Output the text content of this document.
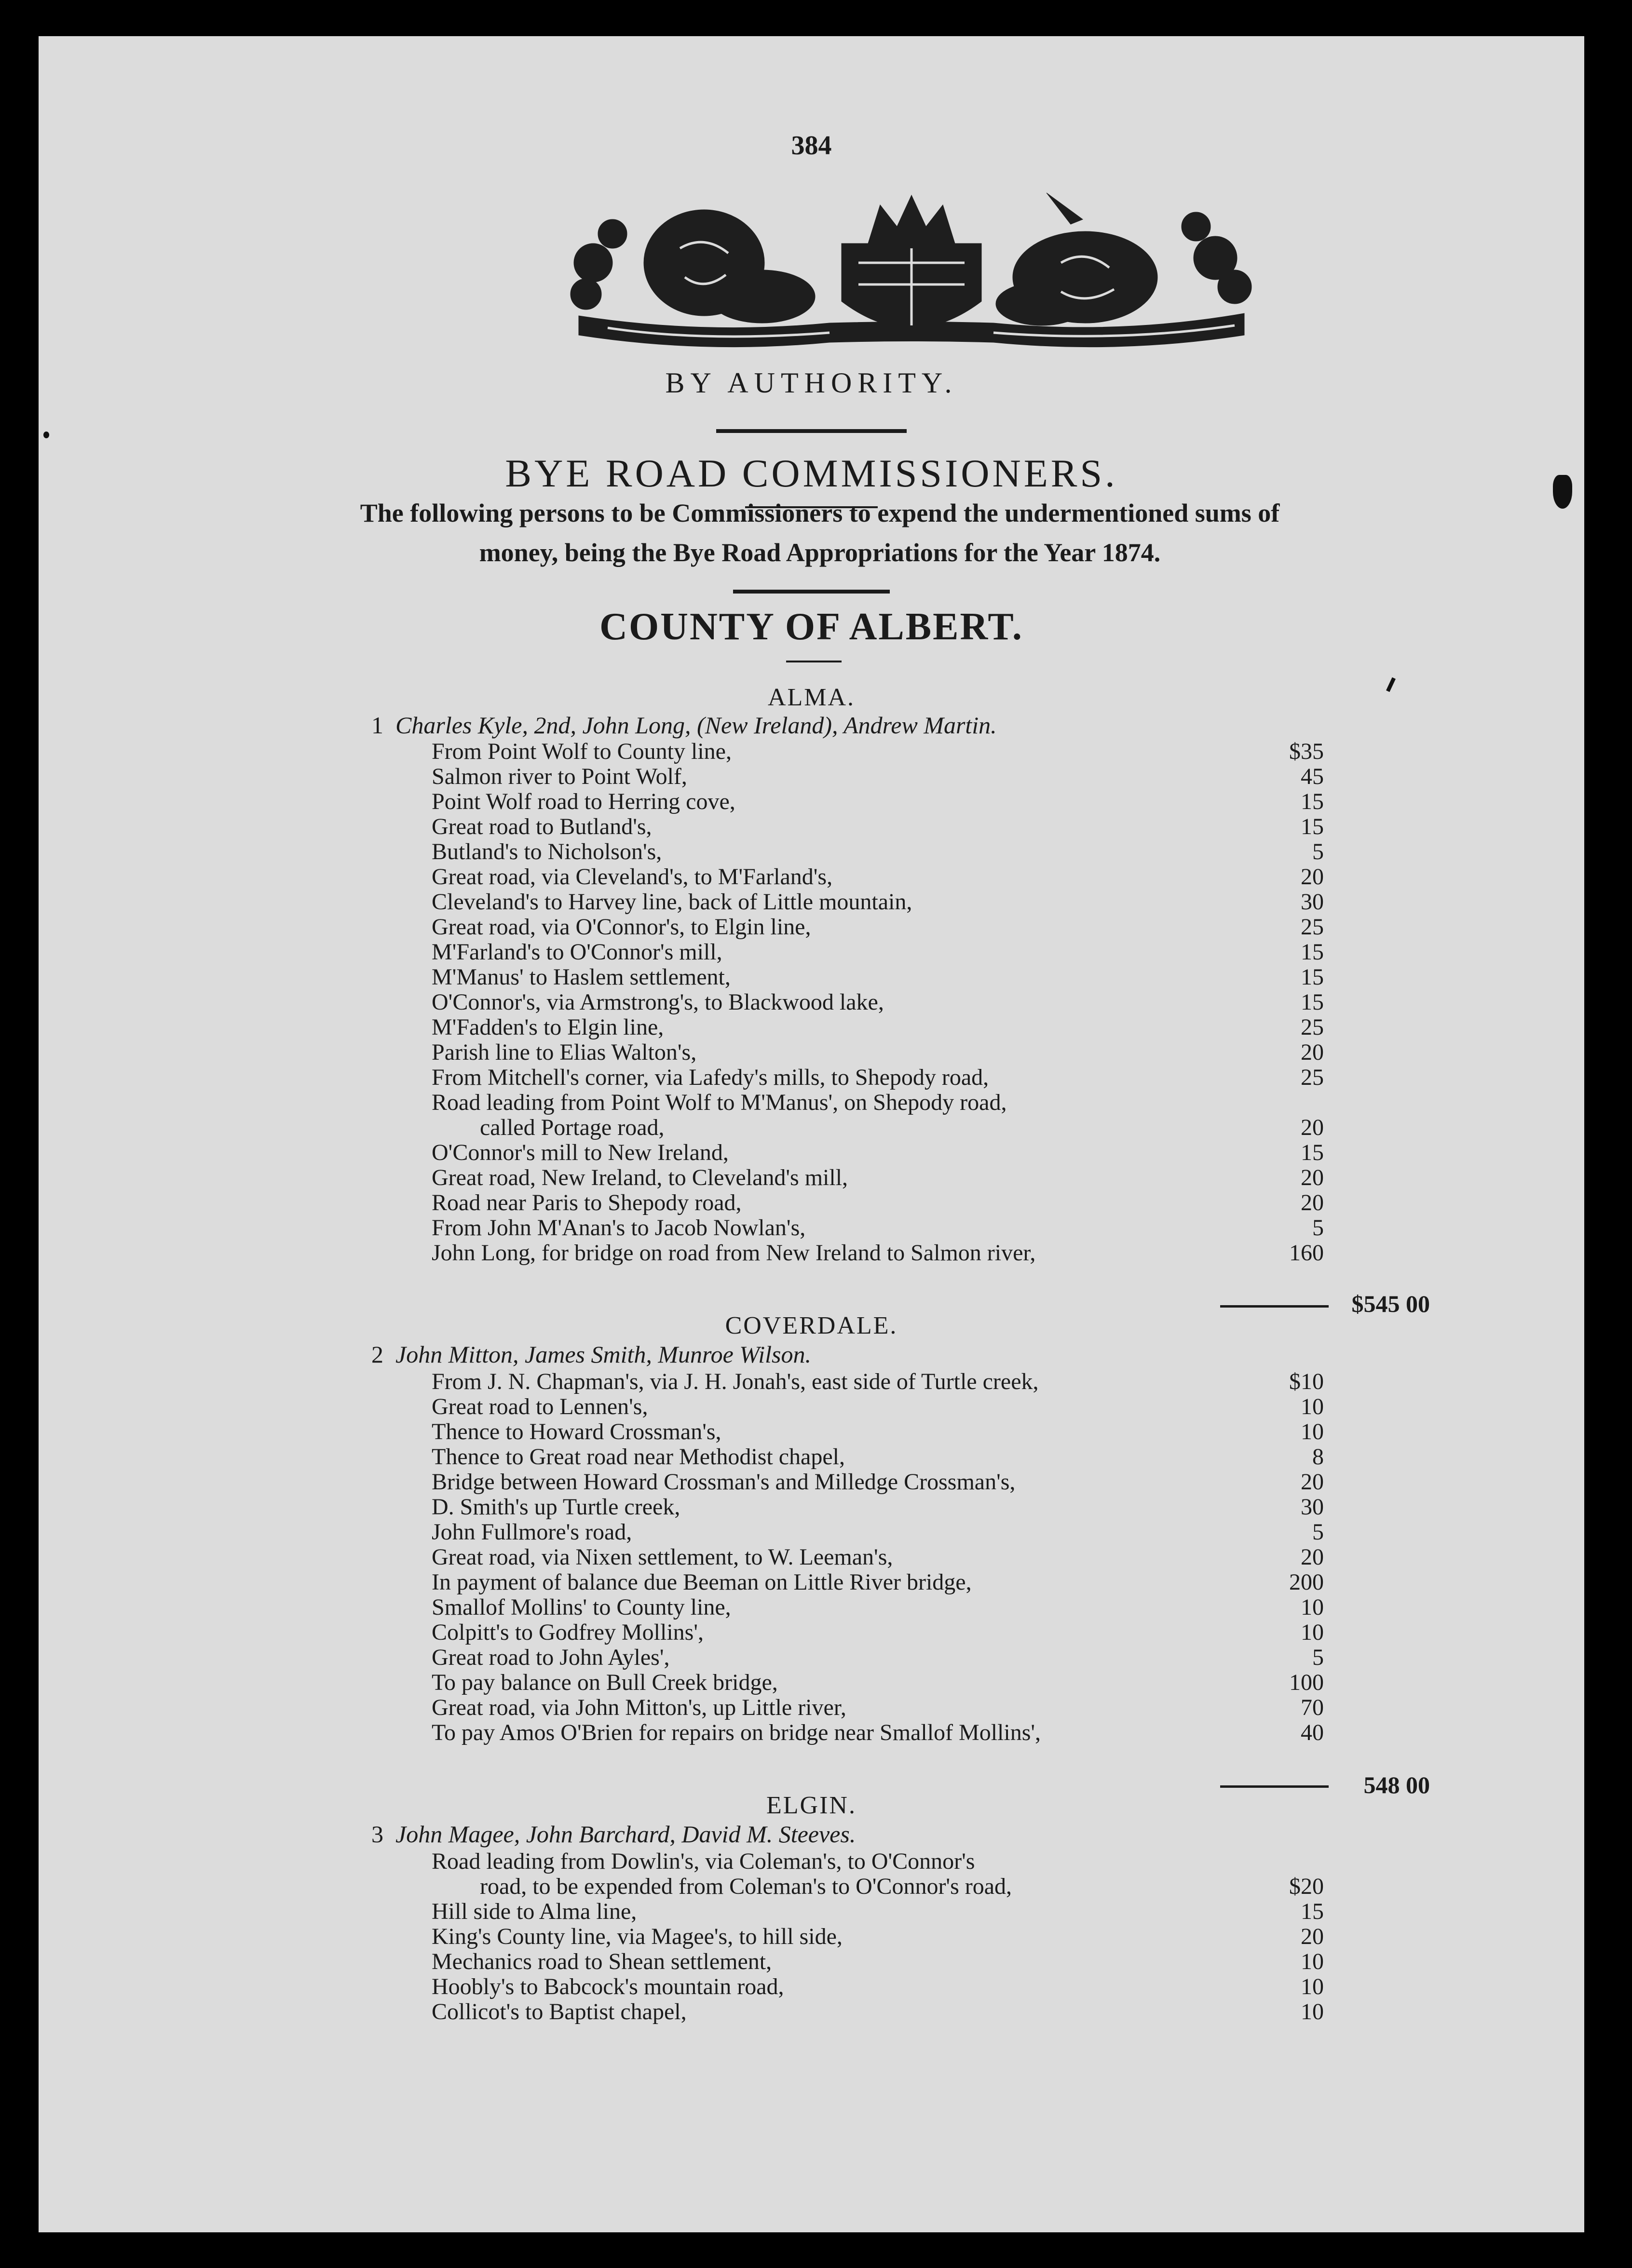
384
BY AUTHORITY.
BYE ROAD COMMISSIONERS.
The following persons to be Commissioners to expend the undermentioned sums of
money, being the Bye Road Appropriations for the Year 1874.
COUNTY OF ALBERT.
ALMA.
1 Charles Kyle, 2nd, John Long, (New Ireland), Andrew Martin.
From Point Wolf to County line,	$35
Salmon river to Point Wolf,	45
Point Wolf road to Herring cove,	15
Great road to Butland's,	15
Butland's to Nicholson's,	5
Great road, via Cleveland's, to M'Farland's,	20
Cleveland's to Harvey line, back of Little mountain,	30
Great road, via O'Connor's, to Elgin line,	25
M'Farland's to O'Connor's mill,	15
M'Manus' to Haslem settlement,	15
O'Connor's, via Armstrong's, to Blackwood lake,	15
M'Fadden's to Elgin line,	25
Parish line to Elias Walton's,	20
From Mitchell's corner, via Lafedy's mills, to Shepody road,	25
Road leading from Point Wolf to M'Manus', on Shepody road,
called Portage road,	20
O'Connor's mill to New Ireland,	15
Great road, New Ireland, to Cleveland's mill,	20
Road near Paris to Shepody road,	20
From John M'Anan's to Jacob Nowlan's,	5
John Long, for bridge on road from New Ireland to Salmon river,	160
$545 00
COVERDALE.
2 John Mitton, James Smith, Munroe Wilson.
From J. N. Chapman's, via J. H. Jonah's, east side of Turtle creek,	$10
Great road to Lennen's,	10
Thence to Howard Crossman's,	10
Thence to Great road near Methodist chapel,	8
Bridge between Howard Crossman's and Milledge Crossman's,	20
D. Smith's up Turtle creek,	30
John Fullmore's road,	5
Great road, via Nixen settlement, to W. Leeman's,	20
In payment of balance due Beeman on Little River bridge,	200
Smallof Mollins' to County line,	10
Colpitt's to Godfrey Mollins',	10
Great road to John Ayles',	5
To pay balance on Bull Creek bridge,	100
Great road, via John Mitton's, up Little river,	70
To pay Amos O'Brien for repairs on bridge near Smallof Mollins',	40
548 00
ELGIN.
3 John Magee, John Barchard, David M. Steeves.
Road leading from Dowlin's, via Coleman's, to O'Connor's
road, to be expended from Coleman's to O'Connor's road,	$20
Hill side to Alma line,	15
King's County line, via Magee's, to hill side,	20
Mechanics road to Shean settlement,	10
Hoobly's to Babcock's mountain road,	10
Collicot's to Baptist chapel,	10
